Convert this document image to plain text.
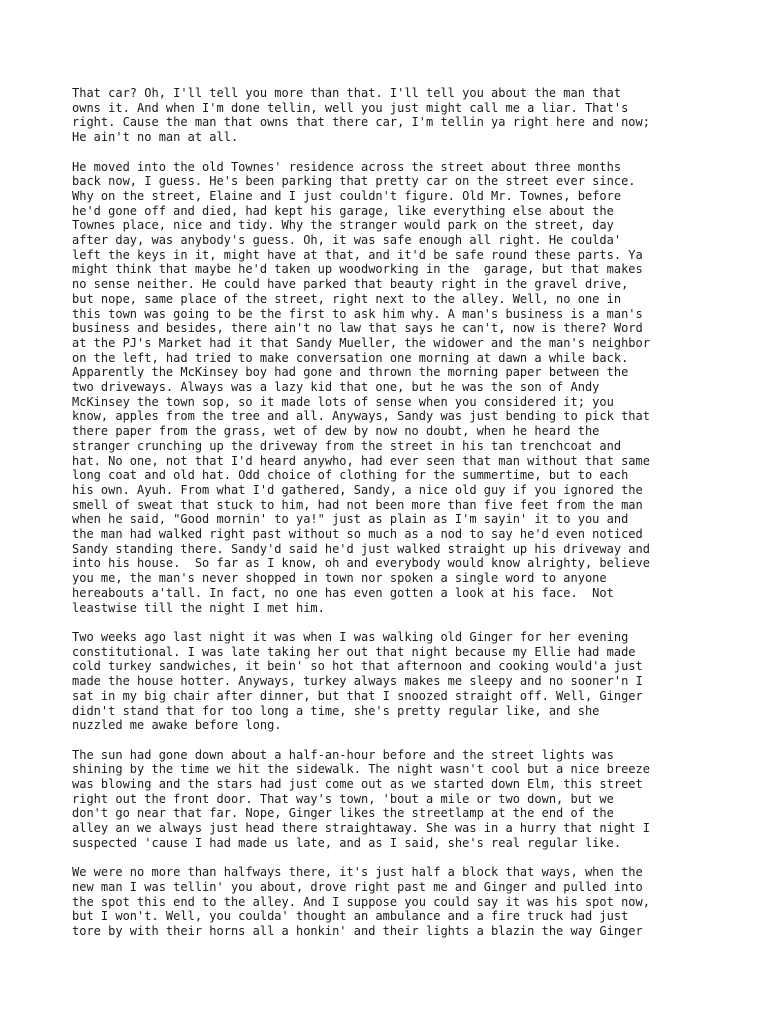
That car? Oh, I'll tell you more than that. I'll tell you about the man that
owns it. And when I'm done tellin, well you just might call me a liar. That's
right. Cause the man that owns that there car, I'm tellin ya right here and now;
He ain't no man at all.

He moved into the old Townes' residence across the street about three months
back now, I guess. He's been parking that pretty car on the street ever since.
Why on the street, Elaine and I just couldn't figure. Old Mr. Townes, before
he'd gone off and died, had kept his garage, like everything else about the
Townes place, nice and tidy. Why the stranger would park on the street, day
after day, was anybody's guess. Oh, it was safe enough all right. He coulda'
left the keys in it, might have at that, and it'd be safe round these parts. Ya
might think that maybe he'd taken up woodworking in the  garage, but that makes
no sense neither. He could have parked that beauty right in the gravel drive,
but nope, same place of the street, right next to the alley. Well, no one in
this town was going to be the first to ask him why. A man's business is a man's
business and besides, there ain't no law that says he can't, now is there? Word
at the PJ's Market had it that Sandy Mueller, the widower and the man's neighbor
on the left, had tried to make conversation one morning at dawn a while back.
Apparently the McKinsey boy had gone and thrown the morning paper between the
two driveways. Always was a lazy kid that one, but he was the son of Andy
McKinsey the town sop, so it made lots of sense when you considered it; you
know, apples from the tree and all. Anyways, Sandy was just bending to pick that
there paper from the grass, wet of dew by now no doubt, when he heard the
stranger crunching up the driveway from the street in his tan trenchcoat and
hat. No one, not that I'd heard anywho, had ever seen that man without that same
long coat and old hat. Odd choice of clothing for the summertime, but to each
his own. Ayuh. From what I'd gathered, Sandy, a nice old guy if you ignored the
smell of sweat that stuck to him, had not been more than five feet from the man
when he said, "Good mornin' to ya!" just as plain as I'm sayin' it to you and
the man had walked right past without so much as a nod to say he'd even noticed
Sandy standing there. Sandy'd said he'd just walked straight up his driveway and
into his house.  So far as I know, oh and everybody would know alrighty, believe
you me, the man's never shopped in town nor spoken a single word to anyone
hereabouts a'tall. In fact, no one has even gotten a look at his face.  Not
leastwise till the night I met him.

Two weeks ago last night it was when I was walking old Ginger for her evening
constitutional. I was late taking her out that night because my Ellie had made
cold turkey sandwiches, it bein' so hot that afternoon and cooking would'a just
made the house hotter. Anyways, turkey always makes me sleepy and no sooner'n I
sat in my big chair after dinner, but that I snoozed straight off. Well, Ginger
didn't stand that for too long a time, she's pretty regular like, and she
nuzzled me awake before long.

The sun had gone down about a half-an-hour before and the street lights was
shining by the time we hit the sidewalk. The night wasn't cool but a nice breeze
was blowing and the stars had just come out as we started down Elm, this street
right out the front door. That way's town, 'bout a mile or two down, but we
don't go near that far. Nope, Ginger likes the streetlamp at the end of the
alley an we always just head there straightaway. She was in a hurry that night I
suspected 'cause I had made us late, and as I said, she's real regular like.

We were no more than halfways there, it's just half a block that ways, when the
new man I was tellin' you about, drove right past me and Ginger and pulled into
the spot this end to the alley. And I suppose you could say it was his spot now,
but I won't. Well, you coulda' thought an ambulance and a fire truck had just
tore by with their horns all a honkin' and their lights a blazin the way Ginger
